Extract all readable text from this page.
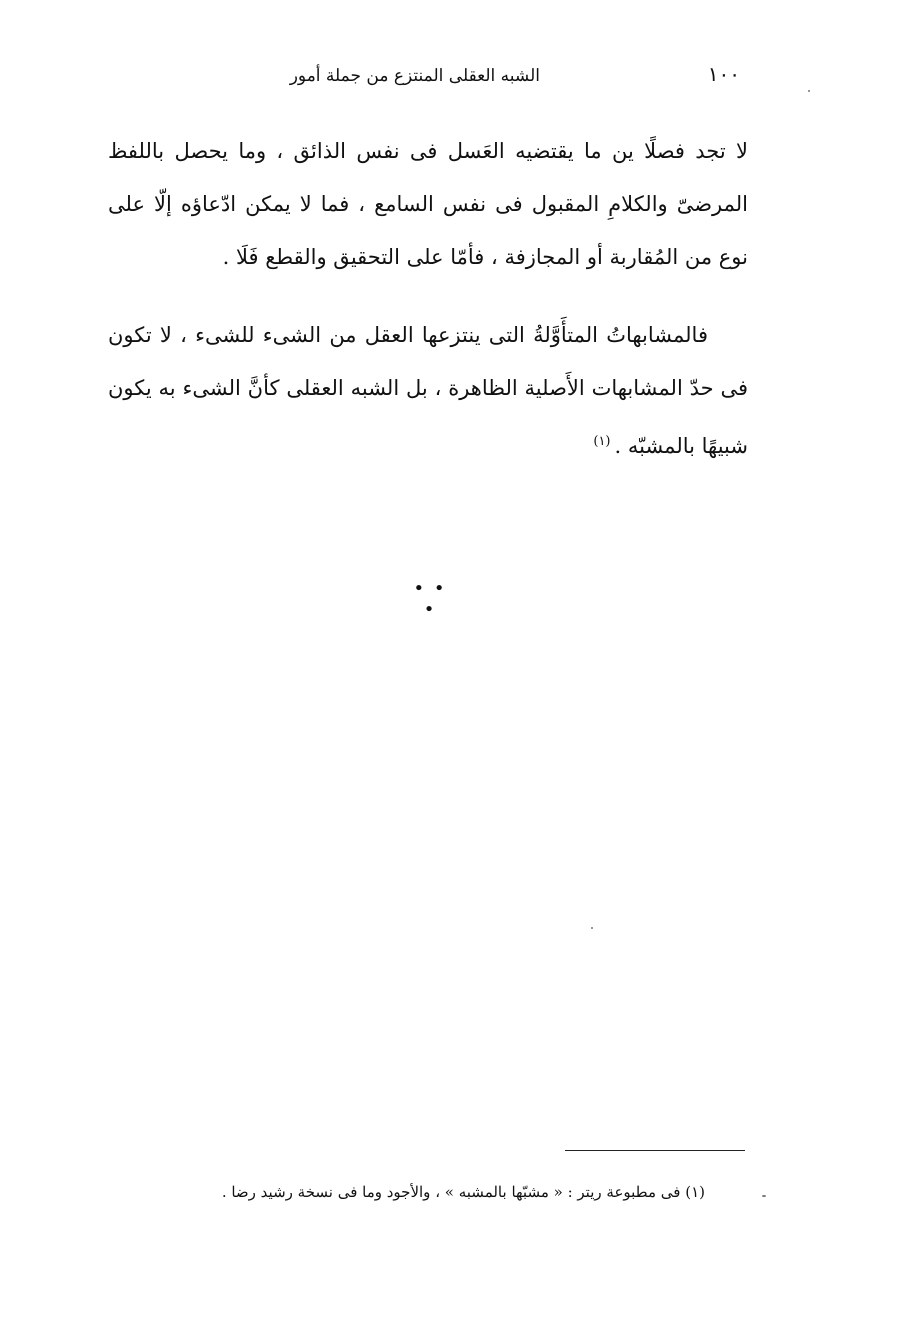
١٠٠
الشبه العقلى المنتزع من جملة أمور

لا تجد فصلًا ين ما يقتضيه العَسل فى نفس الذائق ، وما يحصل باللفظ المرضىّ والكلامِ المقبول فى نفس السامع ، فما لا يمكن ادّعاؤه إلّا على نوع من المُقاربة أو المجازفة ، فأمّا على التحقيق والقطع فَلَا .

فالمشابهاتُ المتأَوَّلةُ التى ينتزعها العقل من الشىء للشىء ، لا تكون فى حدّ المشابهات الأَصلية الظاهرة ، بل الشبه العقلى كأنَّ الشىء به يكون شبيهًا بالمشبّه .$^{(١)}$

• • •
(١) فى مطبوعة ريتر : « مشبّها بالمشبه » ، والأجود وما فى نسخة رشيد رضا .
